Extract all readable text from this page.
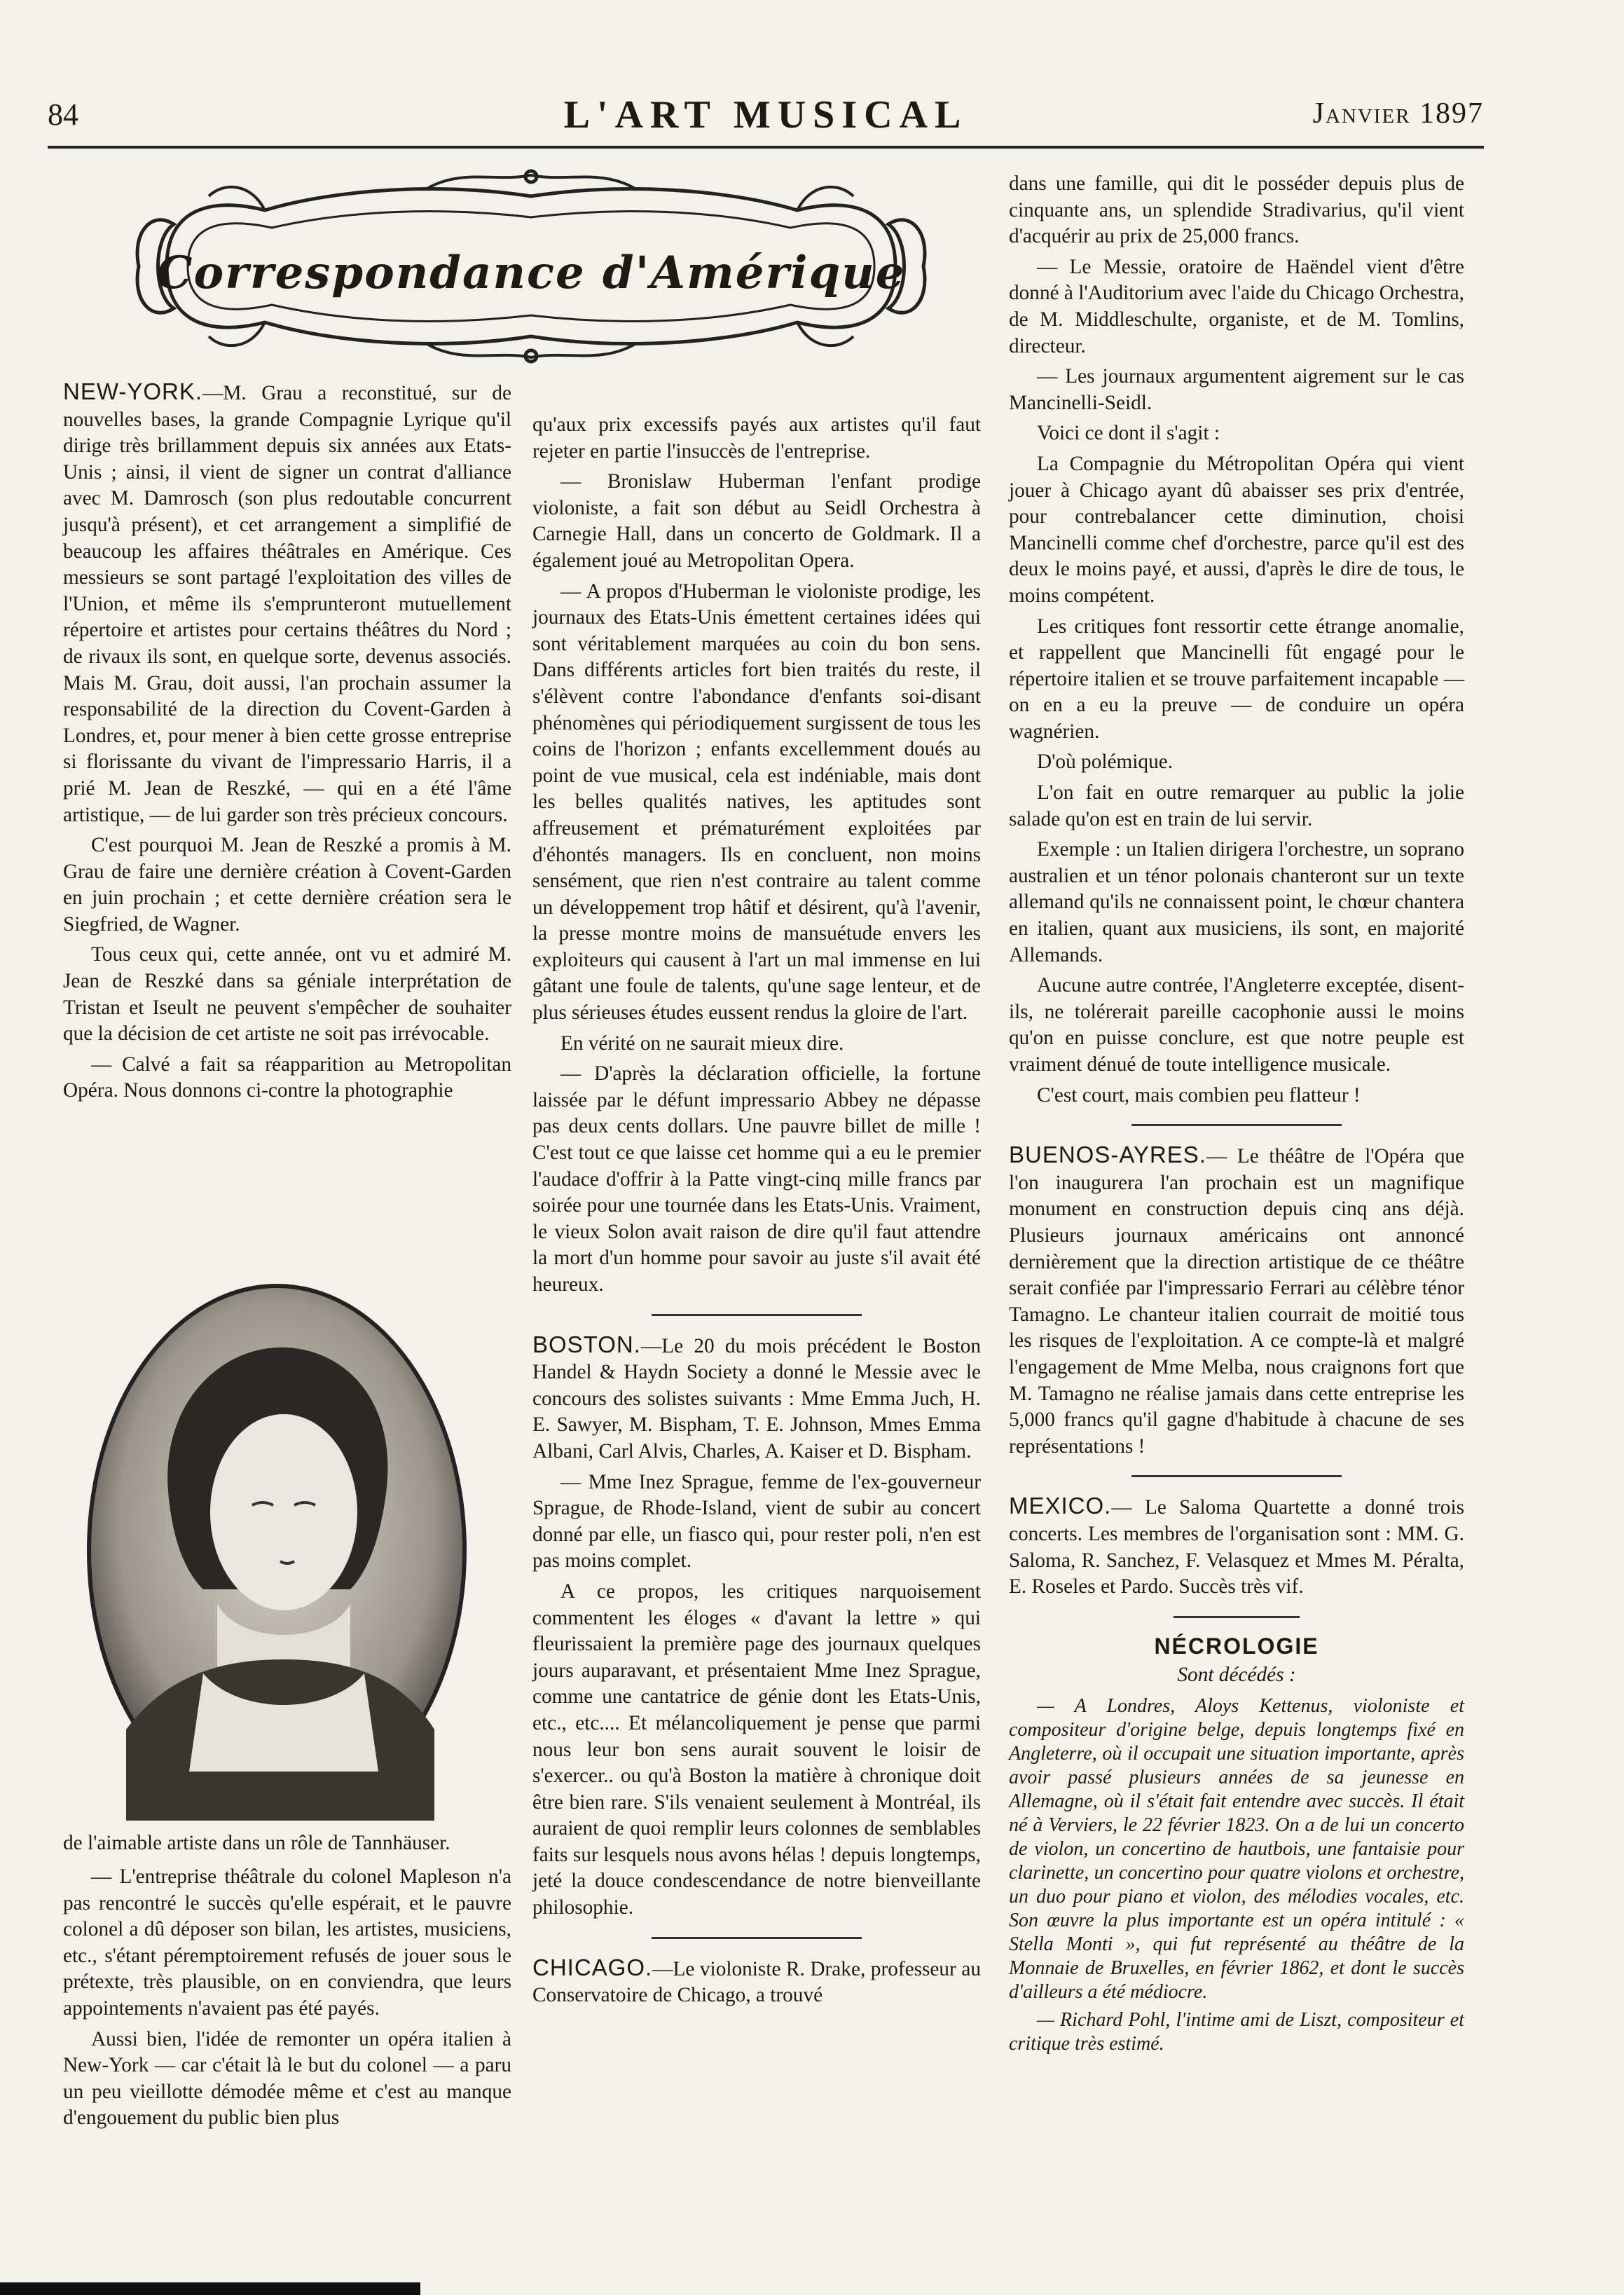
84	L'ART MUSICAL	Janvier 1897
Correspondance d'Amérique

NEW-YORK.—M. Grau a reconstitué, sur de nouvelles bases, la grande Compagnie Lyrique qu'il dirige très brillamment depuis six années aux Etats-Unis ; ainsi, il vient de signer un contrat d'alliance avec M. Damrosch (son plus redoutable concurrent jusqu'à présent), et cet arrangement a simplifié de beaucoup les affaires théâtrales en Amérique. Ces messieurs se sont partagé l'exploitation des villes de l'Union, et même ils s'emprunteront mutuellement répertoire et artistes pour certains théâtres du Nord ; de rivaux ils sont, en quelque sorte, devenus associés. Mais M. Grau, doit aussi, l'an prochain assumer la responsabilité de la direction du Covent-Garden à Londres, et, pour mener à bien cette grosse entreprise si florissante du vivant de l'impressario Harris, il a prié M. Jean de Reszké, — qui en a été l'âme artistique, — de lui garder son très précieux concours.

C'est pourquoi M. Jean de Reszké a promis à M. Grau de faire une dernière création à Covent-Garden en juin prochain ; et cette dernière création sera le Siegfried, de Wagner.

Tous ceux qui, cette année, ont vu et admiré M. Jean de Reszké dans sa géniale interprétation de Tristan et Iseult ne peuvent s'empêcher de souhaiter que la décision de cet artiste ne soit pas irrévocable.

— Calvé a fait sa réapparition au Metropolitan Opéra. Nous donnons ci-contre la photographie

de l'aimable artiste dans un rôle de Tannhäuser.

— L'entreprise théâtrale du colonel Mapleson n'a pas rencontré le succès qu'elle espérait, et le pauvre colonel a dû déposer son bilan, les artistes, musiciens, etc., s'étant péremptoirement refusés de jouer sous le prétexte, très plausible, on en conviendra, que leurs appointements n'avaient pas été payés.

Aussi bien, l'idée de remonter un opéra italien à New-York — car c'était là le but du colonel — a paru un peu vieillotte démodée même et c'est au manque d'engouement du public bien plus

qu'aux prix excessifs payés aux artistes qu'il faut rejeter en partie l'insuccès de l'entreprise.

— Bronislaw Huberman l'enfant prodige violoniste, a fait son début au Seidl Orchestra à Carnegie Hall, dans un concerto de Goldmark. Il a également joué au Metropolitan Opera.

— A propos d'Huberman le violoniste prodige, les journaux des Etats-Unis émettent certaines idées qui sont véritablement marquées au coin du bon sens. Dans différents articles fort bien traités du reste, il s'élèvent contre l'abondance d'enfants soi-disant phénomènes qui périodiquement surgissent de tous les coins de l'horizon ; enfants excellemment doués au point de vue musical, cela est indéniable, mais dont les belles qualités natives, les aptitudes sont affreusement et prématurément exploitées par d'éhontés managers. Ils en concluent, non moins sensément, que rien n'est contraire au talent comme un développement trop hâtif et désirent, qu'à l'avenir, la presse montre moins de mansuétude envers les exploiteurs qui causent à l'art un mal immense en lui gâtant une foule de talents, qu'une sage lenteur, et de plus sérieuses études eussent rendus la gloire de l'art.

En vérité on ne saurait mieux dire.

— D'après la déclaration officielle, la fortune laissée par le défunt impressario Abbey ne dépasse pas deux cents dollars. Une pauvre billet de mille ! C'est tout ce que laisse cet homme qui a eu le premier l'audace d'offrir à la Patte vingt-cinq mille francs par soirée pour une tournée dans les Etats-Unis. Vraiment, le vieux Solon avait raison de dire qu'il faut attendre la mort d'un homme pour savoir au juste s'il avait été heureux.

BOSTON.—Le 20 du mois précédent le Boston Handel & Haydn Society a donné le Messie avec le concours des solistes suivants : Mme Emma Juch, H. E. Sawyer, M. Bispham, T. E. Johnson, Mmes Emma Albani, Carl Alvis, Charles, A. Kaiser et D. Bispham.

— Mme Inez Sprague, femme de l'ex-gouverneur Sprague, de Rhode-Island, vient de subir au concert donné par elle, un fiasco qui, pour rester poli, n'en est pas moins complet.

A ce propos, les critiques narquoisement commentent les éloges « d'avant la lettre » qui fleurissaient la première page des journaux quelques jours auparavant, et présentaient Mme Inez Sprague, comme une cantatrice de génie dont les Etats-Unis, etc., etc.... Et mélancoliquement je pense que parmi nous leur bon sens aurait souvent le loisir de s'exercer.. ou qu'à Boston la matière à chronique doit être bien rare. S'ils venaient seulement à Montréal, ils auraient de quoi remplir leurs colonnes de semblables faits sur lesquels nous avons hélas ! depuis longtemps, jeté la douce condescendance de notre bienveillante philosophie.

CHICAGO.—Le violoniste R. Drake, professeur au Conservatoire de Chicago, a trouvé

dans une famille, qui dit le posséder depuis plus de cinquante ans, un splendide Stradivarius, qu'il vient d'acquérir au prix de 25,000 francs.

— Le Messie, oratoire de Haëndel vient d'être donné à l'Auditorium avec l'aide du Chicago Orchestra, de M. Middleschulte, organiste, et de M. Tomlins, directeur.

— Les journaux argumentent aigrement sur le cas Mancinelli-Seidl.

Voici ce dont il s'agit :

La Compagnie du Métropolitan Opéra qui vient jouer à Chicago ayant dû abaisser ses prix d'entrée, pour contrebalancer cette diminution, choisi Mancinelli comme chef d'orchestre, parce qu'il est des deux le moins payé, et aussi, d'après le dire de tous, le moins compétent.

Les critiques font ressortir cette étrange anomalie, et rappellent que Mancinelli fût engagé pour le répertoire italien et se trouve parfaitement incapable — on en a eu la preuve — de conduire un opéra wagnérien.

D'où polémique.

L'on fait en outre remarquer au public la jolie salade qu'on est en train de lui servir.

Exemple : un Italien dirigera l'orchestre, un soprano australien et un ténor polonais chanteront sur un texte allemand qu'ils ne connaissent point, le chœur chantera en italien, quant aux musiciens, ils sont, en majorité Allemands.

Aucune autre contrée, l'Angleterre exceptée, disent-ils, ne tolérerait pareille cacophonie aussi le moins qu'on en puisse conclure, est que notre peuple est vraiment dénué de toute intelligence musicale.

C'est court, mais combien peu flatteur !

BUENOS-AYRES.— Le théâtre de l'Opéra que l'on inaugurera l'an prochain est un magnifique monument en construction depuis cinq ans déjà. Plusieurs journaux américains ont annoncé dernièrement que la direction artistique de ce théâtre serait confiée par l'impressario Ferrari au célèbre ténor Tamagno. Le chanteur italien courrait de moitié tous les risques de l'exploitation. A ce compte-là et malgré l'engagement de Mme Melba, nous craignons fort que M. Tamagno ne réalise jamais dans cette entreprise les 5,000 francs qu'il gagne d'habitude à chacune de ses représentations !

MEXICO.— Le Saloma Quartette a donné trois concerts. Les membres de l'organisation sont : MM. G. Saloma, R. Sanchez, F. Velasquez et Mmes M. Péralta, E. Roseles et Pardo. Succès très vif.

NÉCROLOGIE
Sont décédés :

— A Londres, Aloys Kettenus, violoniste et compositeur d'origine belge, depuis longtemps fixé en Angleterre, où il occupait une situation importante, après avoir passé plusieurs années de sa jeunesse en Allemagne, où il s'était fait entendre avec succès. Il était né à Verviers, le 22 février 1823. On a de lui un concerto de violon, un concertino de hautbois, une fantaisie pour clarinette, un concertino pour quatre violons et orchestre, un duo pour piano et violon, des mélodies vocales, etc. Son œuvre la plus importante est un opéra intitulé : « Stella Monti », qui fut représenté au théâtre de la Monnaie de Bruxelles, en février 1862, et dont le succès d'ailleurs a été médiocre.

— Richard Pohl, l'intime ami de Liszt, compositeur et critique très estimé.
